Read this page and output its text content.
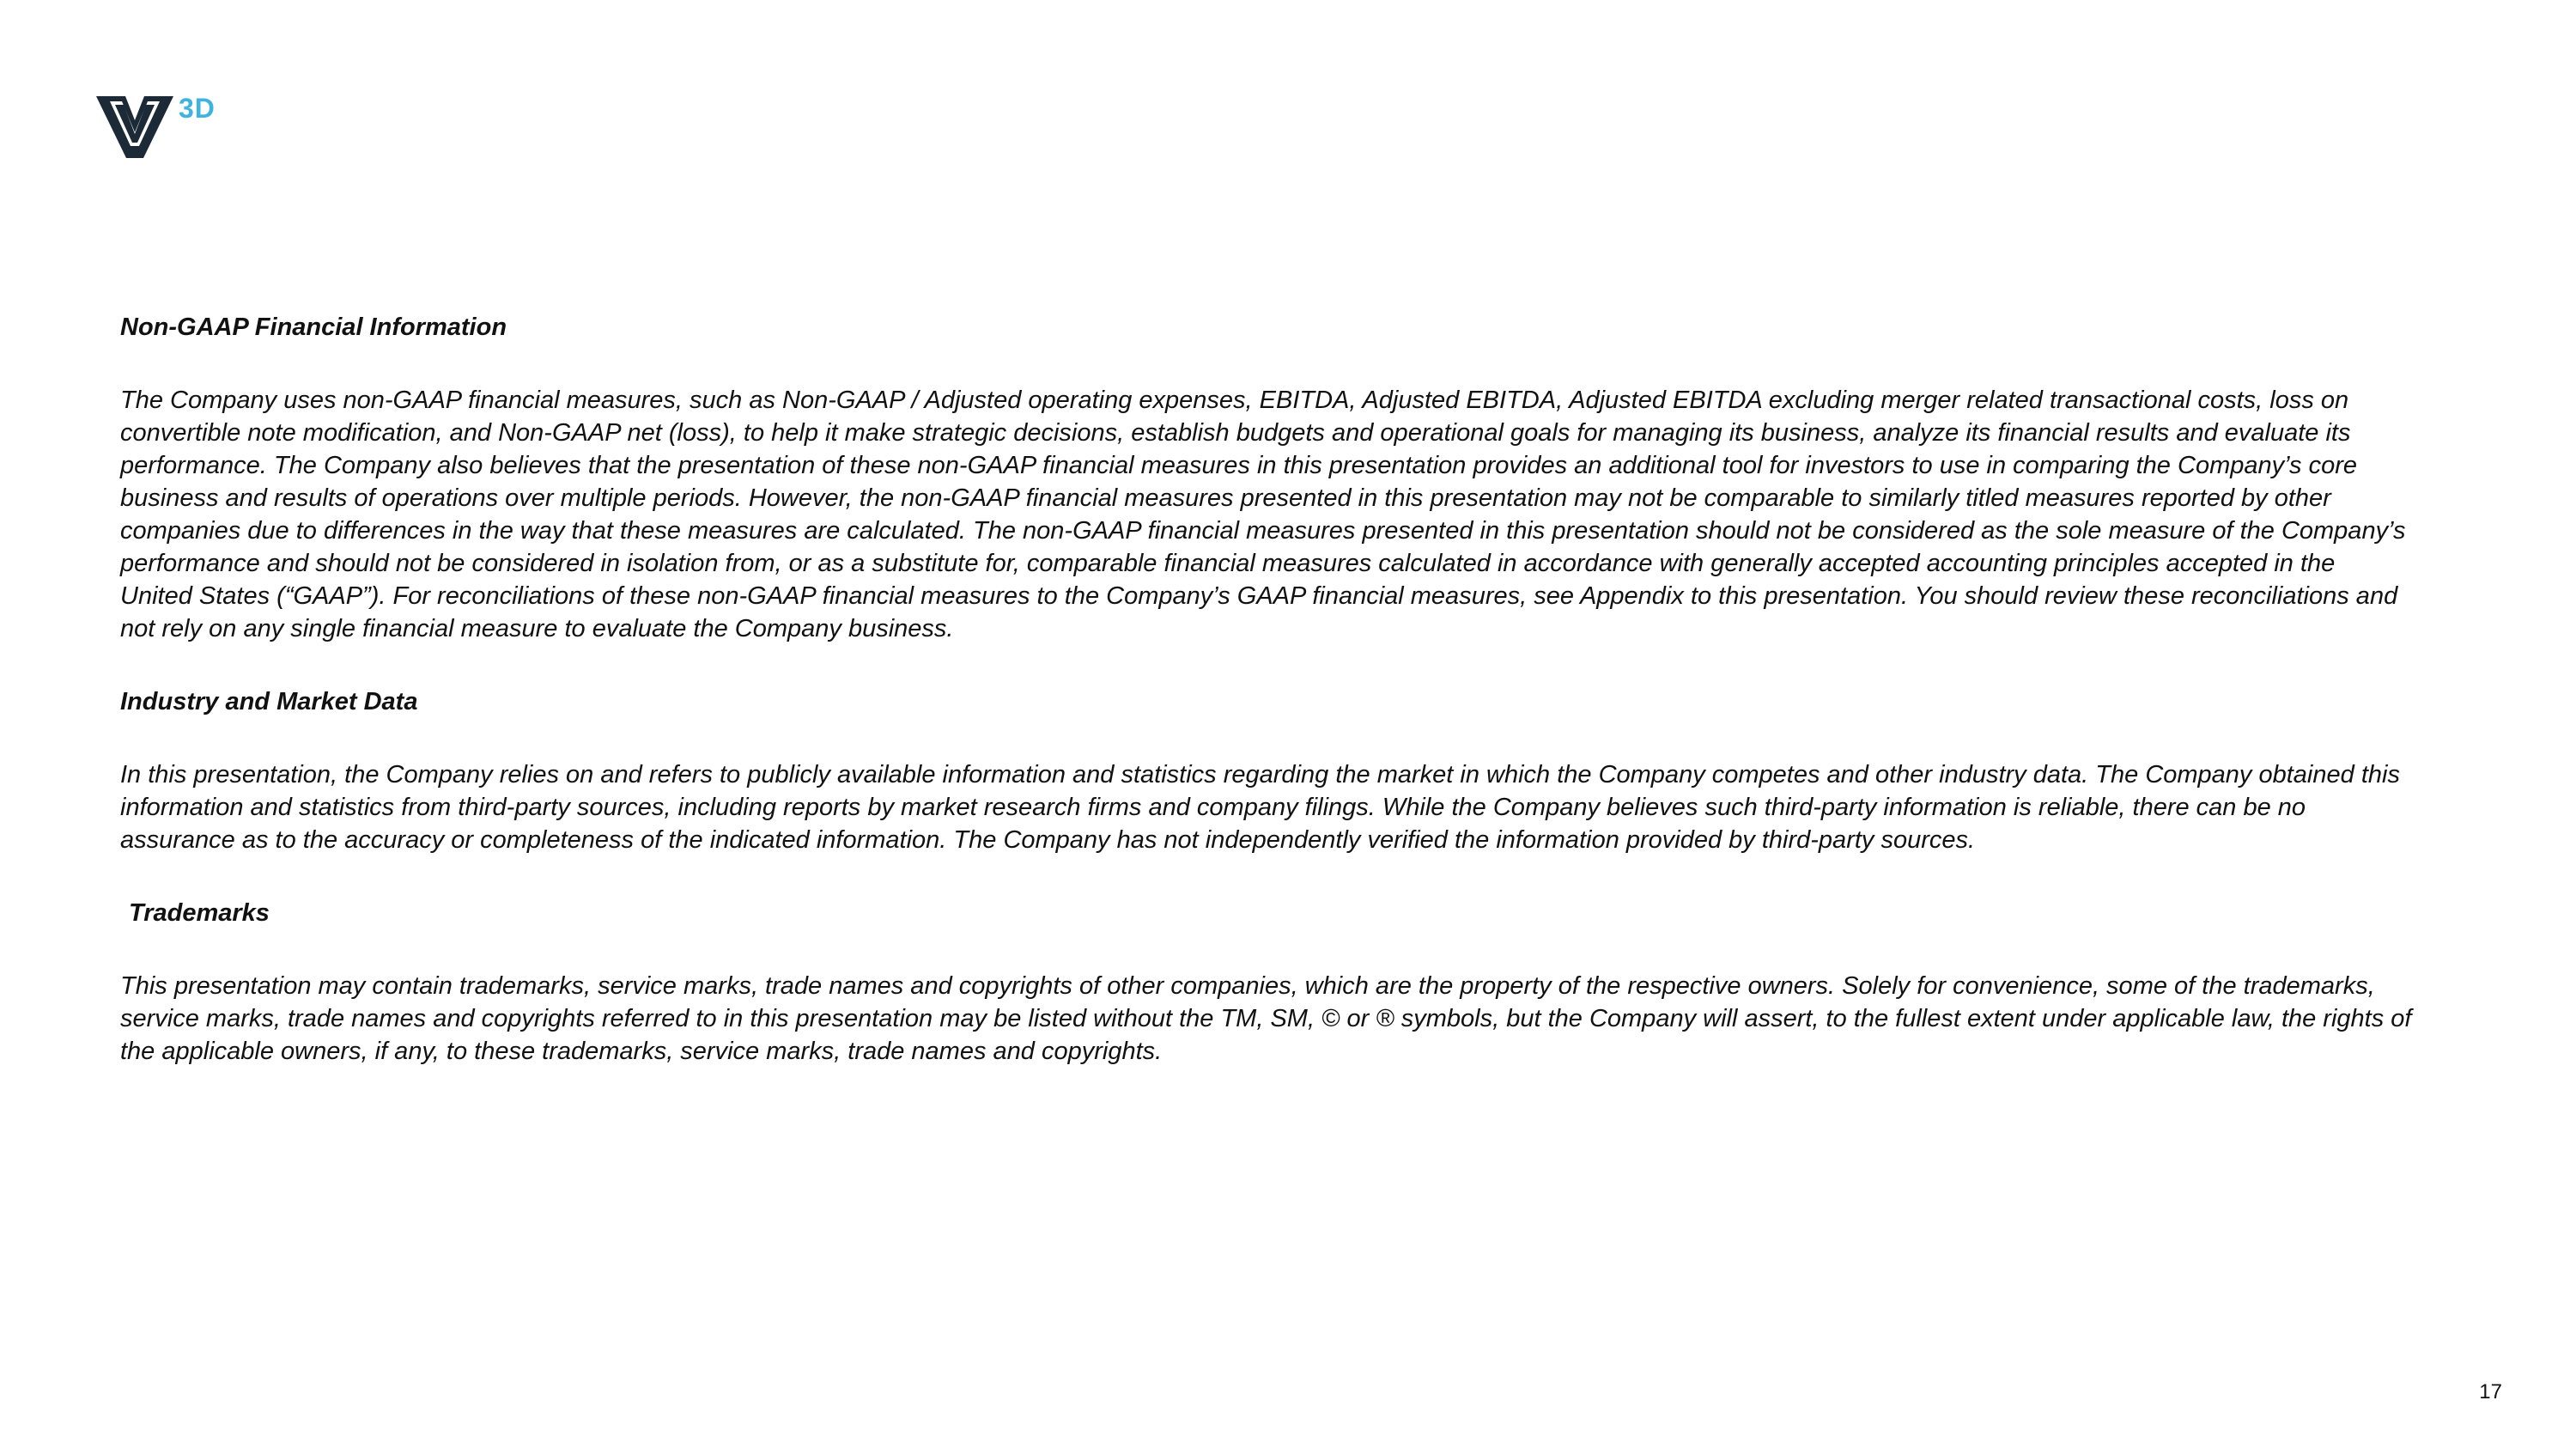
3D
Non-GAAP Financial Information

The Company uses non-GAAP financial measures, such as Non-GAAP / Adjusted operating expenses, EBITDA, Adjusted EBITDA, Adjusted EBITDA excluding merger related transactional costs, loss on convertible note modification, and Non-GAAP net (loss), to help it make strategic decisions, establish budgets and operational goals for managing its business, analyze its financial results and evaluate its performance. The Company also believes that the presentation of these non-GAAP financial measures in this presentation provides an additional tool for investors to use in comparing the Company’s core business and results of operations over multiple periods. However, the non-GAAP financial measures presented in this presentation may not be comparable to similarly titled measures reported by other companies due to differences in the way that these measures are calculated. The non-GAAP financial measures presented in this presentation should not be considered as the sole measure of the Company’s performance and should not be considered in isolation from, or as a substitute for, comparable financial measures calculated in accordance with generally accepted accounting principles accepted in the United States (“GAAP”). For reconciliations of these non-GAAP financial measures to the Company’s GAAP financial measures, see Appendix to this presentation. You should review these reconciliations and not rely on any single financial measure to evaluate the Company business.

Industry and Market Data

In this presentation, the Company relies on and refers to publicly available information and statistics regarding the market in which the Company competes and other industry data. The Company obtained this information and statistics from third-party sources, including reports by market research firms and company filings. While the Company believes such third-party information is reliable, there can be no assurance as to the accuracy or completeness of the indicated information. The Company has not independently verified the information provided by third-party sources.

Trademarks

This presentation may contain trademarks, service marks, trade names and copyrights of other companies, which are the property of the respective owners. Solely for convenience, some of the trademarks, service marks, trade names and copyrights referred to in this presentation may be listed without the TM, SM, © or ® symbols, but the Company will assert, to the fullest extent under applicable law, the rights of the applicable owners, if any, to these trademarks, service marks, trade names and copyrights.

17
